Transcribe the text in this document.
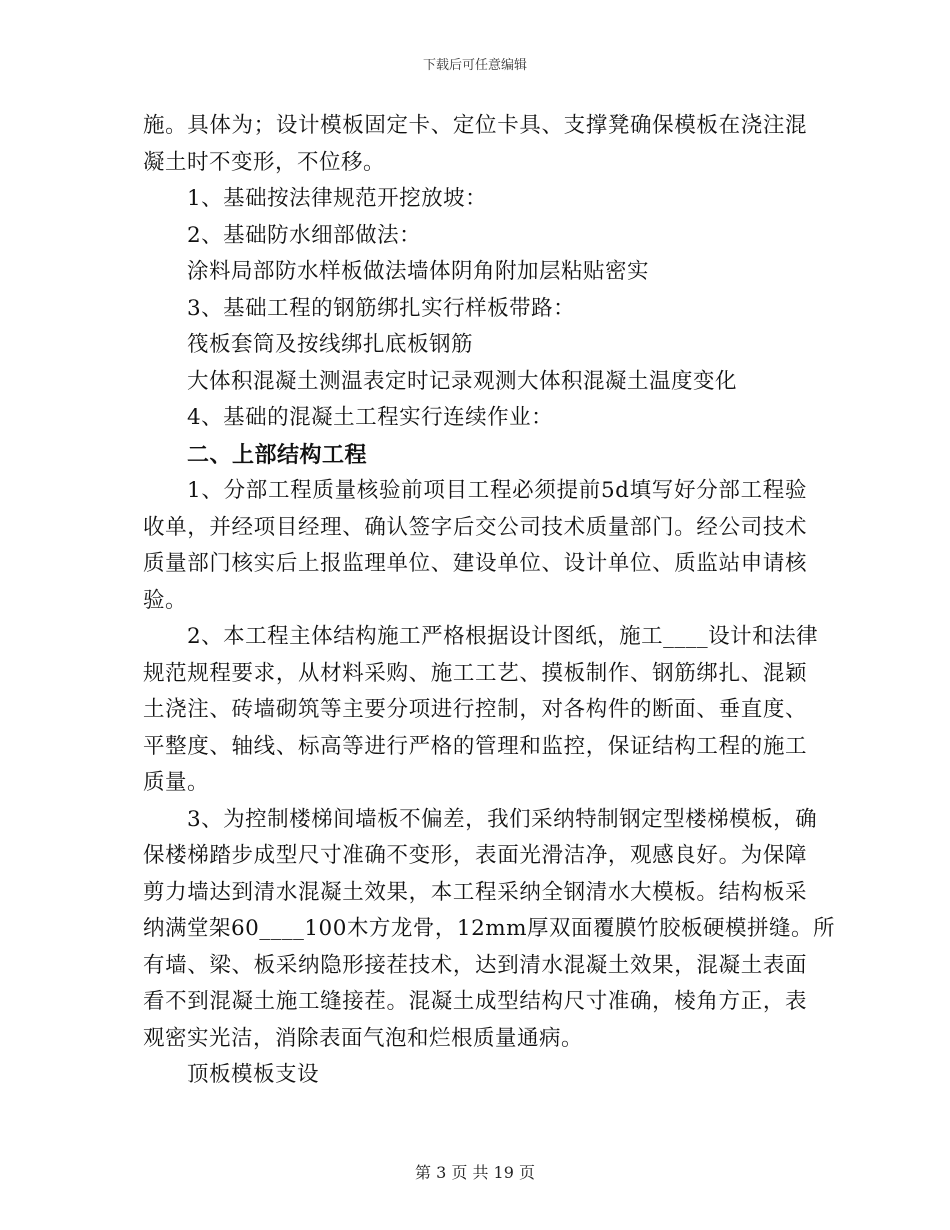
下载后可任意编辑
施。具体为；设计模板固定卡、定位卡具、支撑凳确保模板在浇注混
凝土时不变形，不位移。
1、基础按法律规范开挖放坡：
2、基础防水细部做法：
涂料局部防水样板做法墙体阴角附加层粘贴密实
3、基础工程的钢筋绑扎实行样板带路：
筏板套筒及按线绑扎底板钢筋
大体积混凝土测温表定时记录观测大体积混凝土温度变化
4、基础的混凝土工程实行连续作业：
二、上部结构工程
1、分部工程质量核验前项目工程必须提前5d填写好分部工程验
收单，并经项目经理、确认签字后交公司技术质量部门。经公司技术
质量部门核实后上报监理单位、建设单位、设计单位、质监站申请核
验。
2、本工程主体结构施工严格根据设计图纸，施工____设计和法律
规范规程要求，从材料采购、施工工艺、摸板制作、钢筋绑扎、混颖
土浇注、砖墙砌筑等主要分项进行控制，对各构件的断面、垂直度、
平整度、轴线、标高等进行严格的管理和监控，保证结构工程的施工
质量。
3、为控制楼梯间墙板不偏差，我们采纳特制钢定型楼梯模板，确
保楼梯踏步成型尺寸准确不变形，表面光滑洁净，观感良好。为保障
剪力墙达到清水混凝土效果，本工程采纳全钢清水大模板。结构板采
纳满堂架60____100木方龙骨，12mm厚双面覆膜竹胶板硬模拼缝。所
有墙、梁、板采纳隐形接茬技术，达到清水混凝土效果，混凝土表面
看不到混凝土施工缝接茬。混凝土成型结构尺寸准确，棱角方正，表
观密实光洁，消除表面气泡和烂根质量通病。
顶板模板支设
第 3 页 共 19 页
